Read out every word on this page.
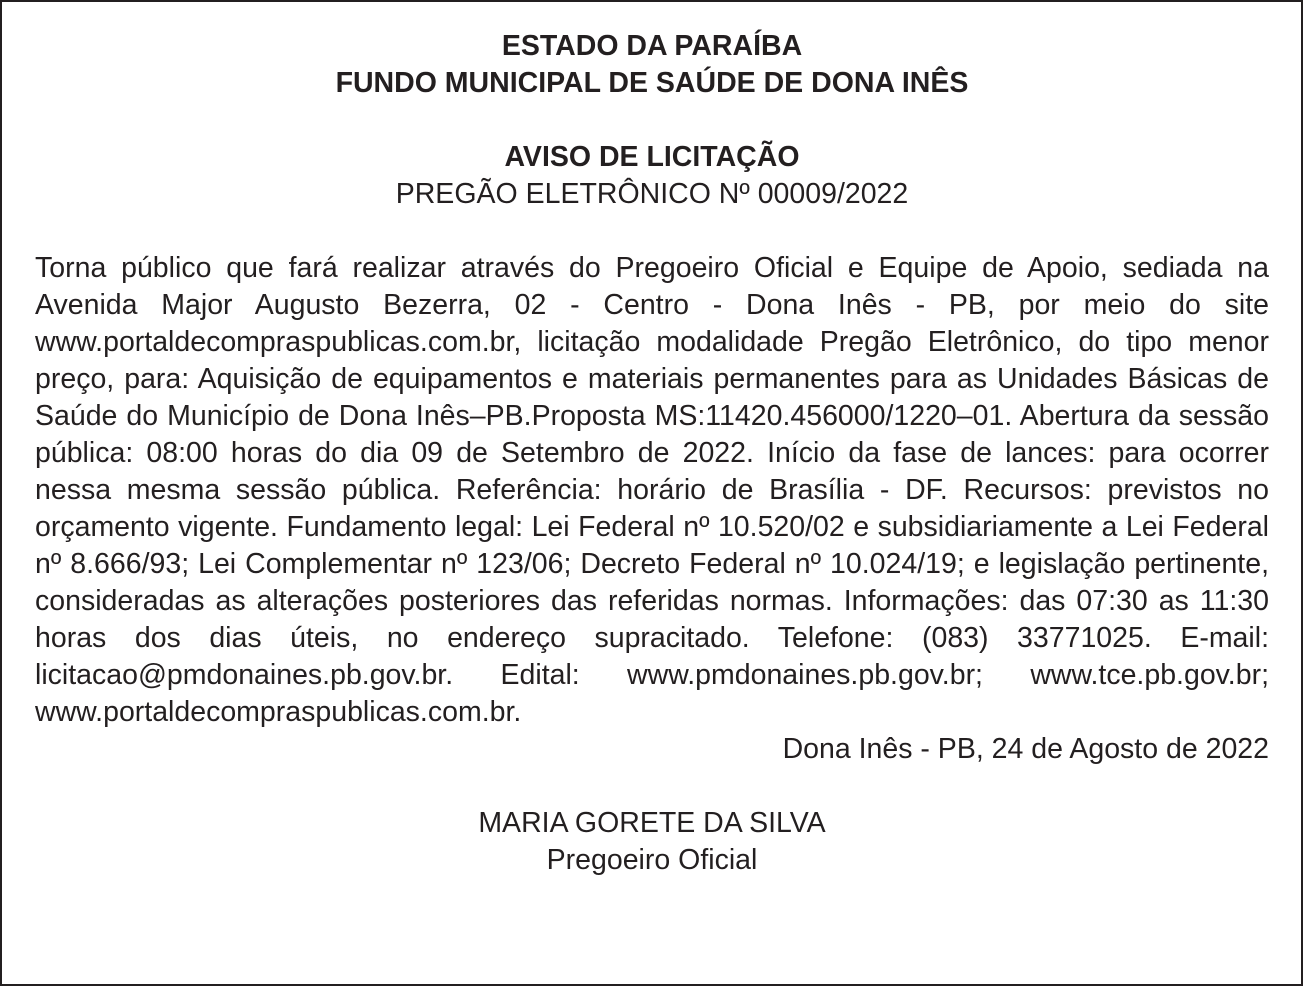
ESTADO DA PARAÍBA
FUNDO MUNICIPAL DE SAÚDE DE DONA INÊS
AVISO DE LICITAÇÃO
PREGÃO ELETRÔNICO Nº 00009/2022

Torna público que fará realizar através do Pregoeiro Oficial e Equipe de Apoio, sediada na Avenida Major Augusto Bezerra, 02 - Centro - Dona Inês - PB, por meio do site www.portaldecompraspublicas.com.br, licitação modalidade Pregão Eletrônico, do tipo menor preço, para: Aquisição de equipamentos e materiais permanentes para as Unidades Básicas de Saúde do Município de Dona Inês–PB.Proposta MS:11420.456000/1220–01. Abertura da sessão pública: 08:00 horas do dia 09 de Setembro de 2022. Início da fase de lances: para ocorrer nessa mesma sessão pública. Referência: horário de Brasília - DF. Recursos: previstos no orçamento vigente. Fundamento legal: Lei Federal nº 10.520/02 e subsidiariamente a Lei Federal nº 8.666/93; Lei Complementar nº 123/06; Decreto Federal nº 10.024/19; e legislação pertinente, consideradas as alterações posteriores das referidas normas. Informações: das 07:30 as 11:30 horas dos dias úteis, no endereço supracitado. Telefone: (083) 33771025. E-mail: licitacao@pmdonaines.pb.gov.br. Edital: www.pmdonaines.pb.gov.br; www.tce.pb.gov.br; www.portaldecompraspublicas.com.br.

Dona Inês - PB, 24 de Agosto de 2022

MARIA GORETE DA SILVA
Pregoeiro Oficial
